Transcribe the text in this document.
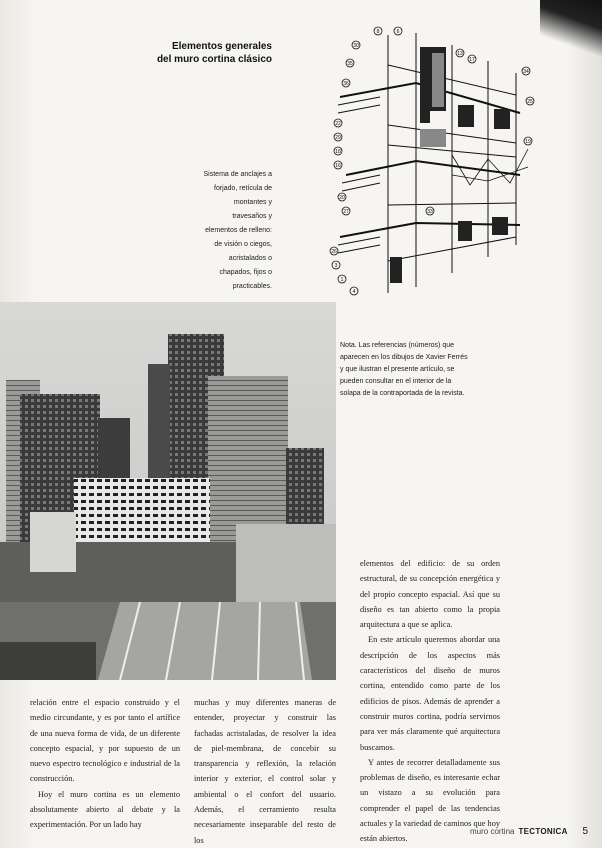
Elementos generales
del muro cortina clásico
Sistema de anclajes a
forjado, retícula de
montantes y
travesaños y
elementos de relleno:
de visión o ciegos,
acristalados o
chapados, fijos o
practicables.
30
8	6
35
36
13
17
34
25
19
22
29
18
16
20
27	33
26
3
1
4
Nota. Las referencias (números) que
aparecen en los dibujos de Xavier Ferrés
y que ilustran el presente artículo, se
pueden consultar en el interior de la
solapa de la contraportada de la revista.

relación entre el espacio construido y el medio circundante, y es por tanto el artífice de una nueva forma de vida, de un diferente concepto espacial, y por supuesto de un nuevo espectro tecnológico e industrial de la construcción.

Hoy el muro cortina es un elemento absolutamente abierto al debate y la experimentación. Por un lado hay

muchas y muy diferentes maneras de entender, proyectar y construir las fachadas acristaladas, de resolver la idea de piel-membrana, de concebir su transparencia y reflexión, la relación interior y exterior, el control solar y ambiental o el confort del usuario. Además, el cerramiento resulta necesariamente inseparable del resto de los

elementos del edificio: de su orden estructural, de su concepción energética y del propio concepto espacial. Así que su diseño es tan abierto como la propia arquitectura a que se aplica.

En este artículo queremos abordar una descripción de los aspectos más característicos del diseño de muros cortina, entendido como parte de los edificios de pisos. Además de aprender a construir muros cortina, podría servirnos para ver más claramente qué arquitectura buscamos.

Y antes de recorrer detalladamente sus problemas de diseño, es interesante echar un vistazo a su evolución para comprender el papel de las tendencias actuales y la variedad de caminos que hoy están abiertos.

muro cortina TECTONICA 5
